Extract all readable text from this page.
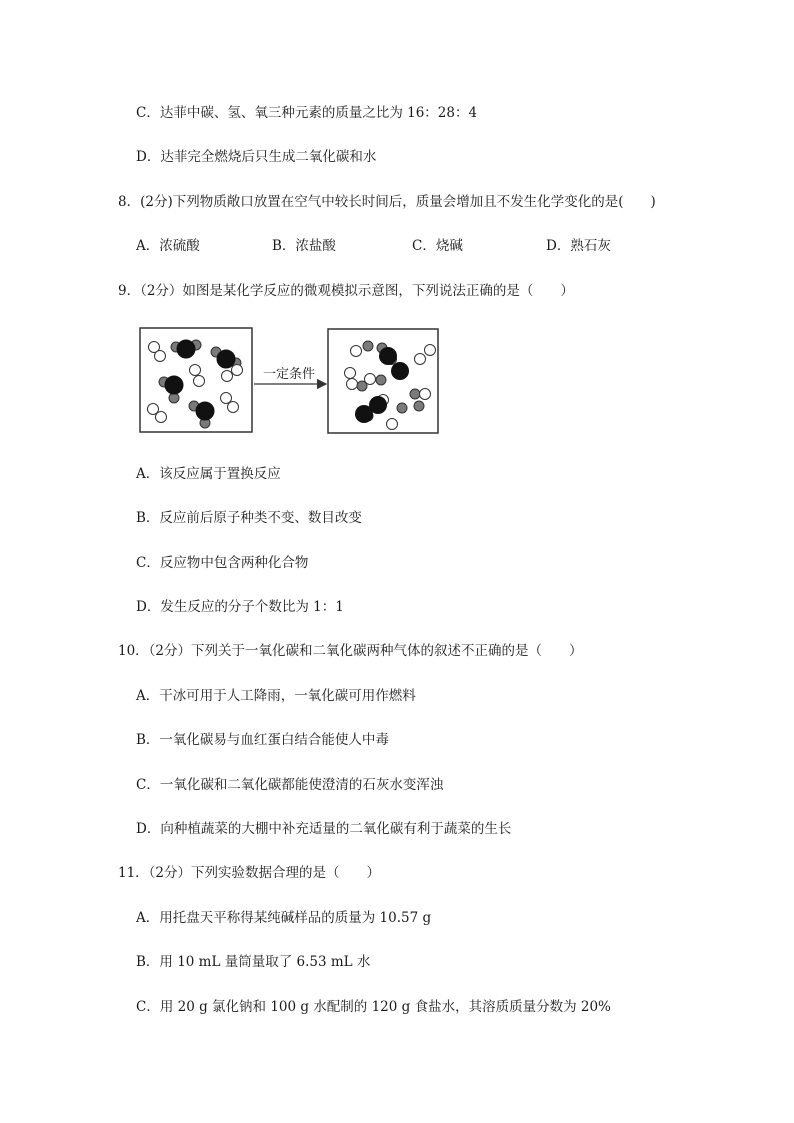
C．达菲中碳、氢、氧三种元素的质量之比为 16：28：4
D．达菲完全燃烧后只生成二氧化碳和水
8．(2分)下列物质敞口放置在空气中较长时间后，质量会增加且不发生化学变化的是(　　)
A．浓硫酸	B．浓盐酸	C．烧碱	D．熟石灰
9．（2分）如图是某化学反应的微观模拟示意图，下列说法正确的是（　　）
一定条件
A．该反应属于置换反应
B．反应前后原子种类不变、数目改变
C．反应物中包含两种化合物
D．发生反应的分子个数比为 1：1
10．（2分）下列关于一氧化碳和二氧化碳两种气体的叙述不正确的是（　　）
A．干冰可用于人工降雨，一氧化碳可用作燃料
B．一氧化碳易与血红蛋白结合能使人中毒
C．一氧化碳和二氧化碳都能使澄清的石灰水变浑浊
D．向种植蔬菜的大棚中补充适量的二氧化碳有利于蔬菜的生长
11．（2分）下列实验数据合理的是（　　）
A．用托盘天平称得某纯碱样品的质量为 10.57 g
B．用 10 mL 量筒量取了 6.53 mL 水
C．用 20 g 氯化钠和 100 g 水配制的 120 g 食盐水，其溶质质量分数为 20%
